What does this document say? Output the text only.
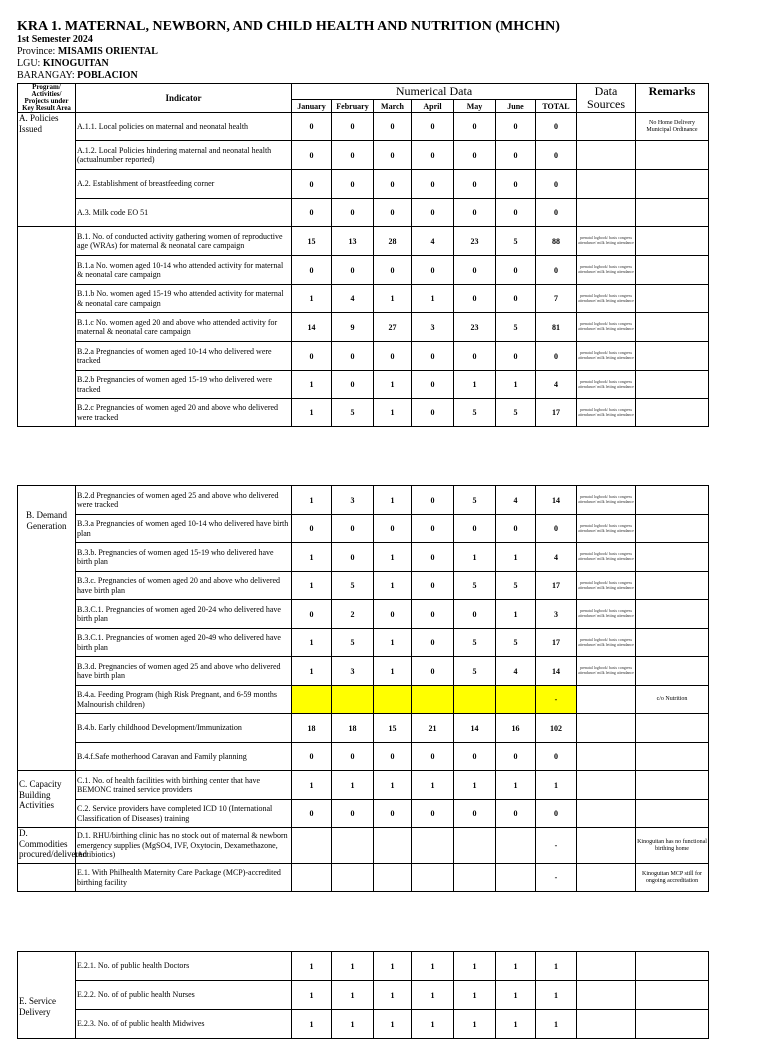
KRA 1. MATERNAL, NEWBORN, AND CHILD HEALTH AND NUTRITION (MHCHN)
1st Semester 2024
Province: MISAMIS ORIENTAL
LGU: KINOGUITAN
BARANGAY: POBLACION
Program/ Activities/ Projects under Key Result Area	Indicator	Numerical Data							Data Sources	Remarks
		January	February	March	April	May	June	TOTAL		
A. Policies Issued	A.1.1. Local policies on maternal and neonatal health	0	0	0	0	0	0	0		No Home Delivery Municipal Ordinance
	A.1.2. Local Policies hindering maternal and neonatal health (actualnumber reported)	0	0	0	0	0	0	0		
	A.2. Establishment of breastfeeding corner	0	0	0	0	0	0	0		
	A.3. Milk code EO 51	0	0	0	0	0	0	0		
	B.1. No. of conducted activity gathering women of reproductive age (WRAs) for maternal & neonatal care campaign	15	13	28	4	23	5	88	prenatal logbook/ basis congress attendance/ milk letting attendance	
	B.1.a No. women aged 10-14 who attended activity for maternal & neonatal care campaign	0	0	0	0	0	0	0	prenatal logbook/ basis congress attendance/ milk letting attendance	
	B.1.b No. women aged 15-19 who attended activity for maternal & neonatal care campaign	1	4	1	1	0	0	7	prenatal logbook/ basis congress attendance/ milk letting attendance	
	B.1.c No. women aged 20 and above who attended activity for maternal & neonatal care campaign	14	9	27	3	23	5	81	prenatal logbook/ basis congress attendance/ milk letting attendance	
	B.2.a Pregnancies of women aged 10-14 who delivered were tracked	0	0	0	0	0	0	0	prenatal logbook/ basis congress attendance/ milk letting attendance	
	B.2.b Pregnancies of women aged 15-19 who delivered were tracked	1	0	1	0	1	1	4	prenatal logbook/ basis congress attendance/ milk letting attendance	
	B.2.c Pregnancies of women aged 20 and above who delivered were tracked	1	5	1	0	5	5	17	prenatal logbook/ basis congress attendance/ milk letting attendance	
B. Demand Generation	B.2.d Pregnancies of women aged 25 and above who delivered were tracked	1	3	1	0	5	4	14	prenatal logbook/ basis congress attendance/ milk letting attendance	
	B.3.a Pregnancies of women aged 10-14 who delivered have birth plan	0	0	0	0	0	0	0	prenatal logbook/ basis congress attendance/ milk letting attendance	
	B.3.b. Pregnancies of women aged 15-19 who delivered have birth plan	1	0	1	0	1	1	4	prenatal logbook/ basis congress attendance/ milk letting attendance	
	B.3.c. Pregnancies of women aged 20 and above who delivered have birth plan	1	5	1	0	5	5	17	prenatal logbook/ basis congress attendance/ milk letting attendance	
	B.3.C.1. Pregnancies of women aged 20-24 who delivered have birth plan	0	2	0	0	0	1	3	prenatal logbook/ basis congress attendance/ milk letting attendance	
	B.3.C.1. Pregnancies of women aged 20-49 who delivered have birth plan	1	5	1	0	5	5	17	prenatal logbook/ basis congress attendance/ milk letting attendance	
	B.3.d. Pregnancies of women aged 25 and above who delivered have birth plan	1	3	1	0	5	4	14	prenatal logbook/ basis congress attendance/ milk letting attendance	
	B.4.a. Feeding Program (high Risk Pregnant, and 6-59 months Malnourish children)							-		c/o Nutrition
	B.4.b. Early childhood Development/Immunization	18	18	15	21	14	16	102		
	B.4.f.Safe motherhood Caravan and Family planning	0	0	0	0	0	0	0		
C. Capacity Building Activities	C.1. No. of health facilities with birthing center that have BEMONC trained service providers	1	1	1	1	1	1	1		
	C.2. Service providers have completed ICD 10 (International Classification of Diseases) training	0	0	0	0	0	0	0		
D. Commodities procured/delivered	D.1. RHU/birthing clinic has no stock out of maternal & newborn emergency supplies (MgSO4, IVF, Oxytocin, Dexamethazone, Antibiotics)							-		Kinoguitan has no functional birthing home
	E.1. With Philhealth Maternity Care Package (MCP)-accredited birthing facility							-		Kinoguitan MCP still for ongoing accreditation
E. Service Delivery	E.2.1. No. of public health Doctors	1	1	1	1	1	1	1		
	E.2.2. No. of of public health Nurses	1	1	1	1	1	1	1		
	E.2.3. No. of of public health Midwives	1	1	1	1	1	1	1		
